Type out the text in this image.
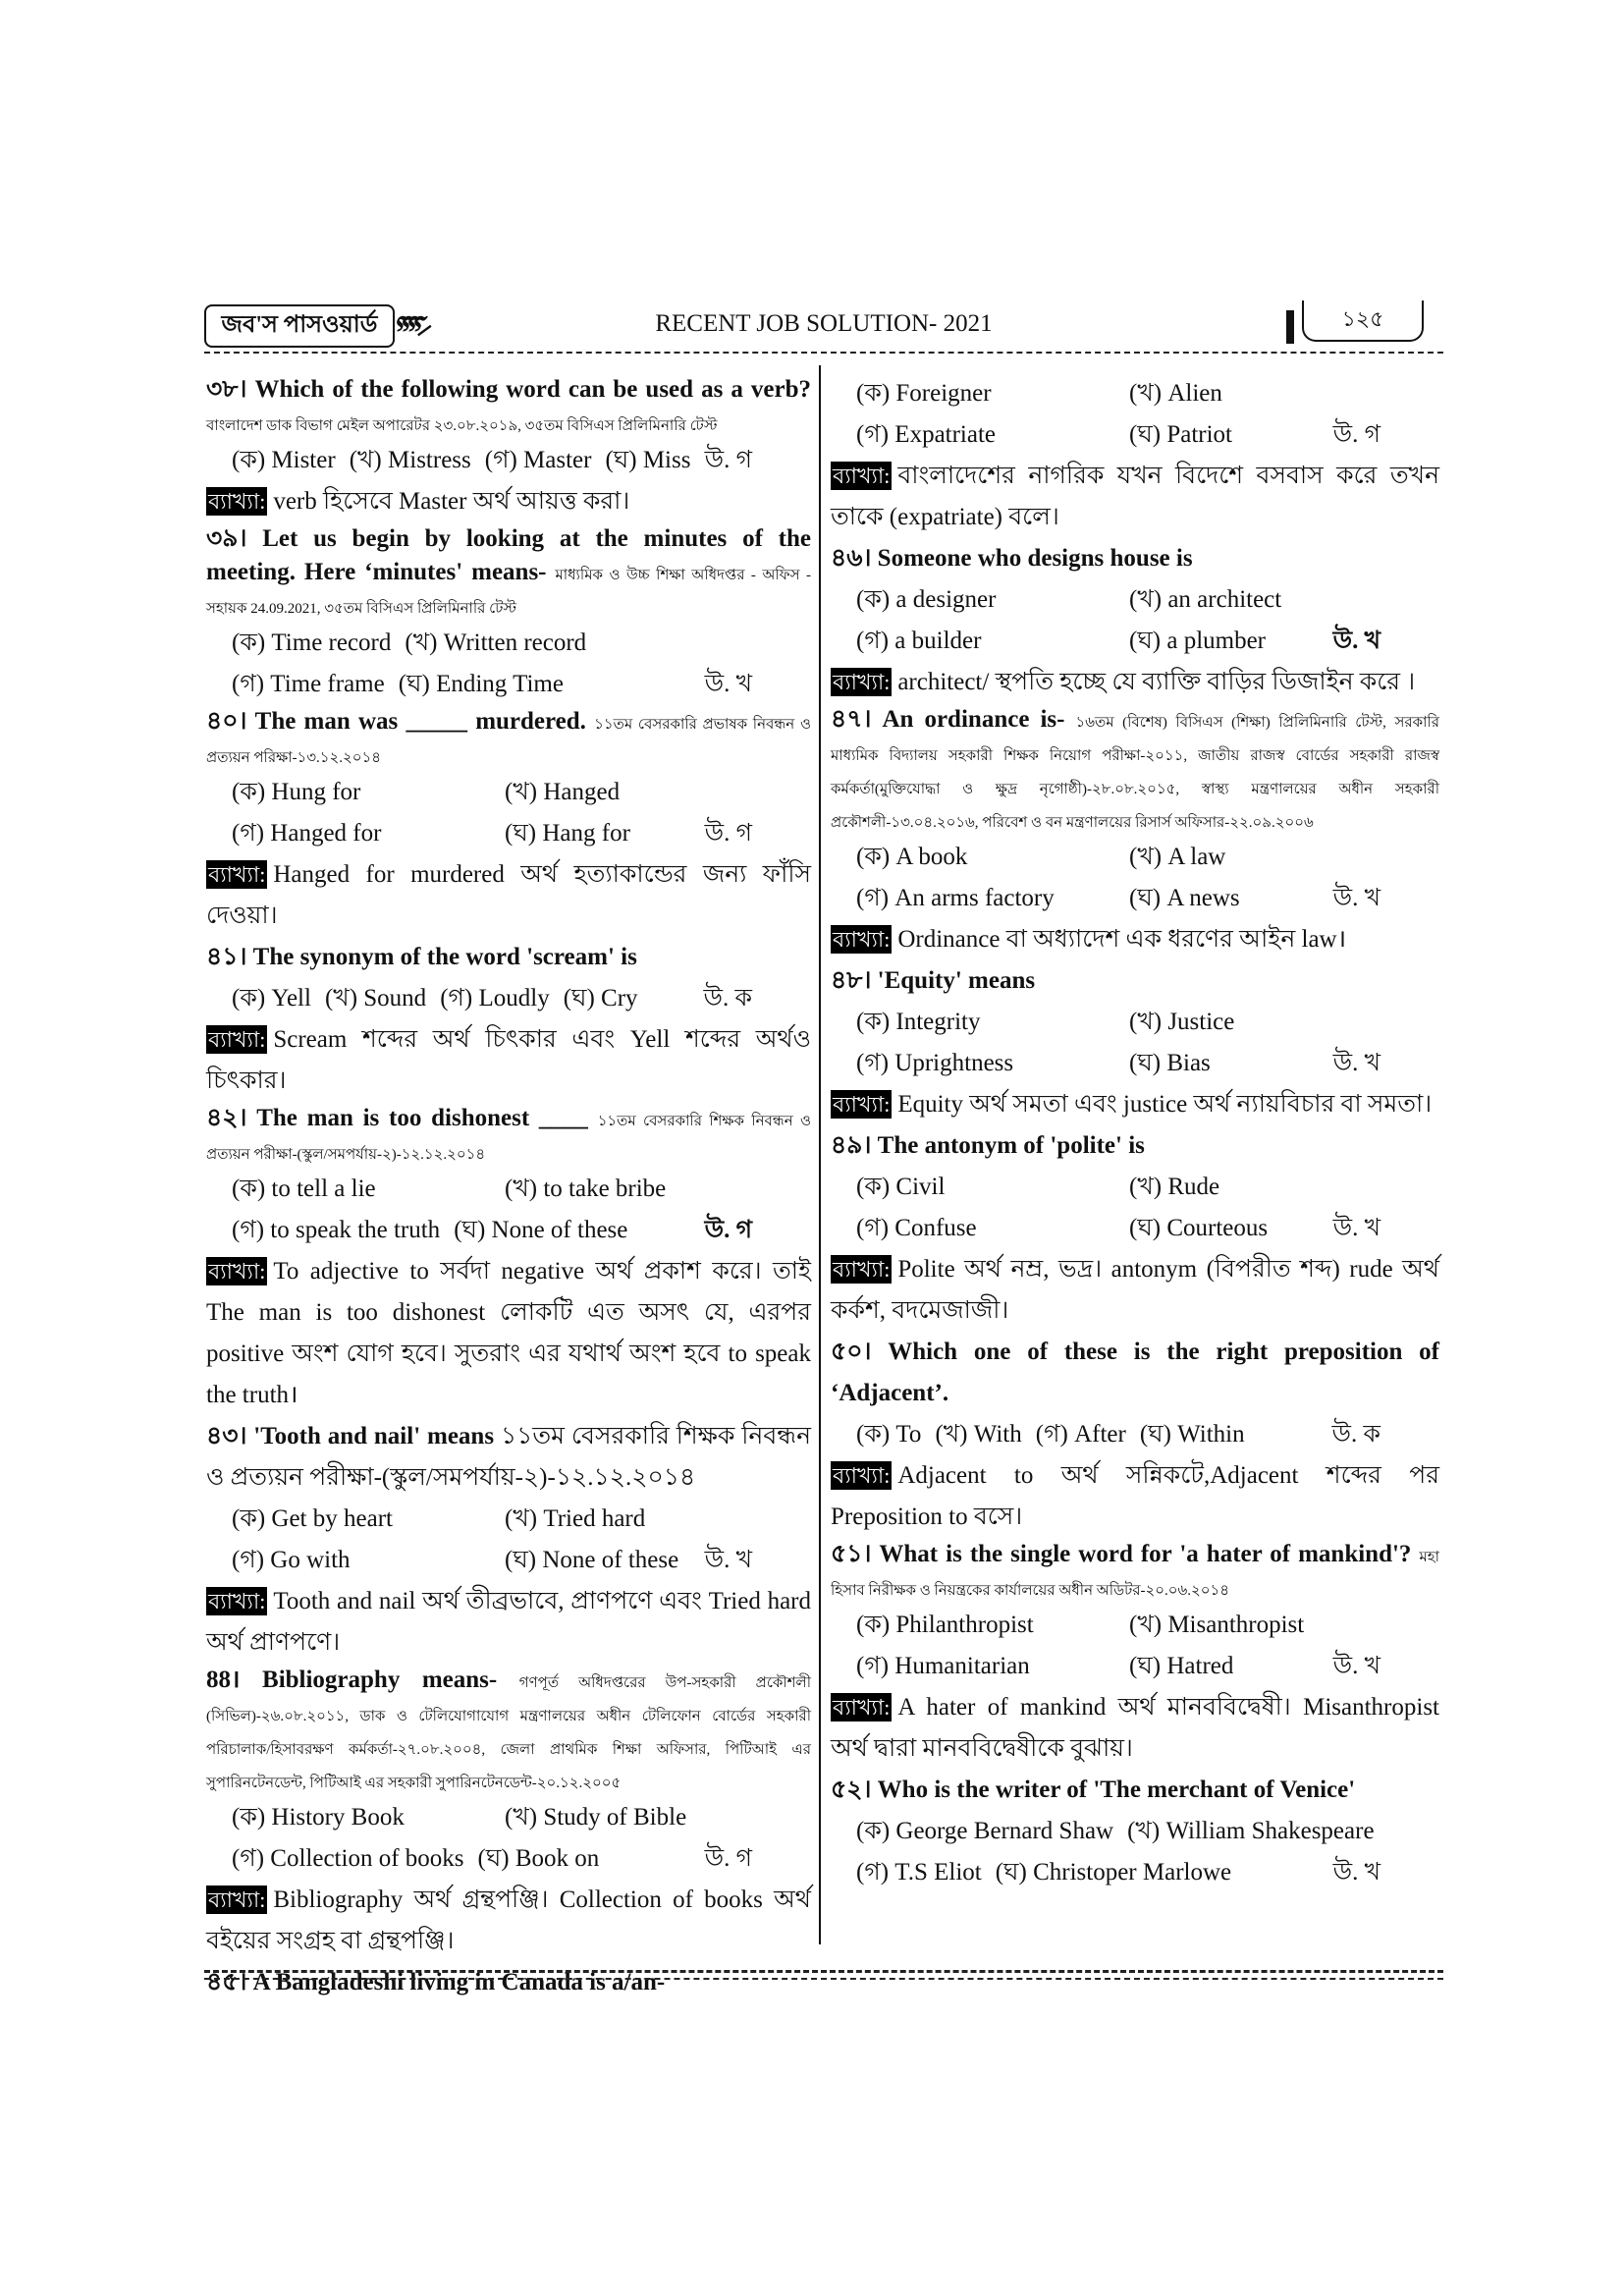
জব'স পাসওয়ার্ড ⲋⲋⲋⲋ⸝	RECENT JOB SOLUTION- 2021	১২৫
৩৮। Which of the following word can be used as a verb? বাংলাদেশ ডাক বিভাগ মেইল অপারেটর ২৩.০৮.২০১৯, ৩৫তম বিসিএস প্রিলিমিনারি টেস্ট
(ক) Mister (খ) Mistress (গ) Master (ঘ) Miss উ. গ
ব্যাখ্যা: verb হিসেবে Master অর্থ আয়ত্ত করা।
৩৯। Let us begin by looking at the minutes of the meeting. Here ‘minutes' means- মাধ্যমিক ও উচ্চ শিক্ষা অধিদপ্তর - অফিস - সহায়ক 24.09.2021, ৩৫তম বিসিএস প্রিলিমিনারি টেস্ট
(ক) Time record (খ) Written record
(গ) Time frame (ঘ) Ending Time	উ. খ
৪০। The man was _____ murdered. ১১তম বেসরকারি প্রভাষক নিবন্ধন ও প্রত্যয়ন পরিক্ষা-১৩.১২.২০১৪
(ক) Hung for	(খ) Hanged
(গ) Hanged for	(ঘ) Hang for	উ. গ
ব্যাখ্যা: Hanged for murdered অর্থ হত্যাকান্ডের জন্য ফাঁসি দেওয়া।
৪১। The synonym of the word 'scream' is
(ক) Yell (খ) Sound (গ) Loudly (ঘ) Cry	উ. ক
ব্যাখ্যা: Scream শব্দের অর্থ চিৎকার এবং Yell শব্দের অর্থও চিৎকার।
৪২। The man is too dishonest ____ ১১তম বেসরকারি শিক্ষক নিবন্ধন ও প্রত্যয়ন পরীক্ষা-(স্কুল/সমপর্যায়-২)-১২.১২.২০১৪
(ক) to tell a lie	(খ) to take bribe
(গ) to speak the truth (ঘ) None of these	উ. গ
ব্যাখ্যা: To adjective to সর্বদা negative অর্থ প্রকাশ করে। তাই The man is too dishonest লোকটি এত অসৎ যে, এরপর positive অংশ যোগ হবে। সুতরাং এর যথার্থ অংশ হবে to speak the truth।
৪৩। 'Tooth and nail' means ১১তম বেসরকারি শিক্ষক নিবন্ধন ও প্রত্যয়ন পরীক্ষা-(স্কুল/সমপর্যায়-২)-১২.১২.২০১৪
(ক) Get by heart	(খ) Tried hard
(গ) Go with	(ঘ) None of these উ. খ
ব্যাখ্যা: Tooth and nail অর্থ তীব্রভাবে, প্রাণপণে এবং Tried hard অর্থ প্রাণপণে।
88। Bibliography means- গণপূর্ত অধিদপ্তরের উপ-সহকারী প্রকৌশলী (সিভিল)-২৬.০৮.২০১১, ডাক ও টেলিযোগাযোগ মন্ত্রণালয়ের অধীন টেলিফোন বোর্ডের সহকারী পরিচালাক/হিসাবরক্ষণ কর্মকর্তা-২৭.০৮.২০০৪, জেলা প্রাথমিক শিক্ষা অফিসার, পিটিআই এর সুপারিনটেনডেন্ট, পিটিআই এর সহকারী সুপারিনটেনডেন্ট-২০.১২.২০০৫
(ক) History Book	(খ) Study of Bible
(গ) Collection of books (ঘ) Book on	উ. গ
ব্যাখ্যা: Bibliography অর্থ গ্রন্থপঞ্জি। Collection of books অর্থ বইয়ের সংগ্রহ বা গ্রন্থপঞ্জি।
৪৫। A Bangladeshi living in Canada is a/an-
(ক) Foreigner	(খ) Alien
(গ) Expatriate	(ঘ) Patriot	উ. গ
ব্যাখ্যা: বাংলাদেশের নাগরিক যখন বিদেশে বসবাস করে তখন তাকে (expatriate) বলে।
৪৬। Someone who designs house is
(ক) a designer	(খ) an architect
(গ) a builder	(ঘ) a plumber	উ. খ
ব্যাখ্যা: architect/ স্থপতি হচ্ছে যে ব্যাক্তি বাড়ির ডিজাইন করে ।
৪৭। An ordinance is- ১৬তম (বিশেষ) বিসিএস (শিক্ষা) প্রিলিমিনারি টেস্ট, সরকারি মাধ্যমিক বিদ্যালয় সহকারী শিক্ষক নিয়োগ পরীক্ষা-২০১১, জাতীয় রাজস্ব বোর্ডের সহকারী রাজস্ব কর্মকর্তা(মুক্তিযোদ্ধা ও ক্ষুদ্র নৃগোষ্ঠী)-২৮.০৮.২০১৫, স্বাস্থ্য মন্ত্রণালয়ের অধীন সহকারী প্রকৌশলী-১৩.০৪.২০১৬, পরিবেশ ও বন মন্ত্রণালয়ের রিসার্স অফিসার-২২.০৯.২০০৬
(ক) A book	(খ) A law
(গ) An arms factory	(ঘ) A news	উ. খ
ব্যাখ্যা: Ordinance বা অধ্যাদেশ এক ধরণের আইন law।
৪৮। 'Equity' means
(ক) Integrity	(খ) Justice
(গ) Uprightness	(ঘ) Bias	উ. খ
ব্যাখ্যা: Equity অর্থ সমতা এবং justice অর্থ ন্যায়বিচার বা সমতা।
৪৯। The antonym of 'polite' is
(ক) Civil	(খ) Rude
(গ) Confuse	(ঘ) Courteous	উ. খ
ব্যাখ্যা: Polite অর্থ নম্র, ভদ্র। antonym (বিপরীত শব্দ) rude অর্থ কর্কশ, বদমেজাজী।
৫০। Which one of these is the right preposition of ‘Adjacent’.
(ক) To (খ) With (গ) After (ঘ) Within	উ. ক
ব্যাখ্যা: Adjacent to অর্থ সন্নিকটে,Adjacent শব্দের পর Preposition to বসে।
৫১। What is the single word for 'a hater of mankind'? মহা হিসাব নিরীক্ষক ও নিয়ন্ত্রকের কার্যালয়ের অধীন অডিটর-২০.০৬.২০১৪
(ক) Philanthropist	(খ) Misanthropist
(গ) Humanitarian	(ঘ) Hatred	উ. খ
ব্যাখ্যা: A hater of mankind অর্থ মানববিদ্বেষী। Misanthropist অর্থ দ্বারা মানববিদ্বেষীকে বুঝায়।
৫২। Who is the writer of 'The merchant of Venice'
(ক) George Bernard Shaw (খ) William Shakespeare
(গ) T.S Eliot (ঘ) Christoper Marlowe	উ. খ
